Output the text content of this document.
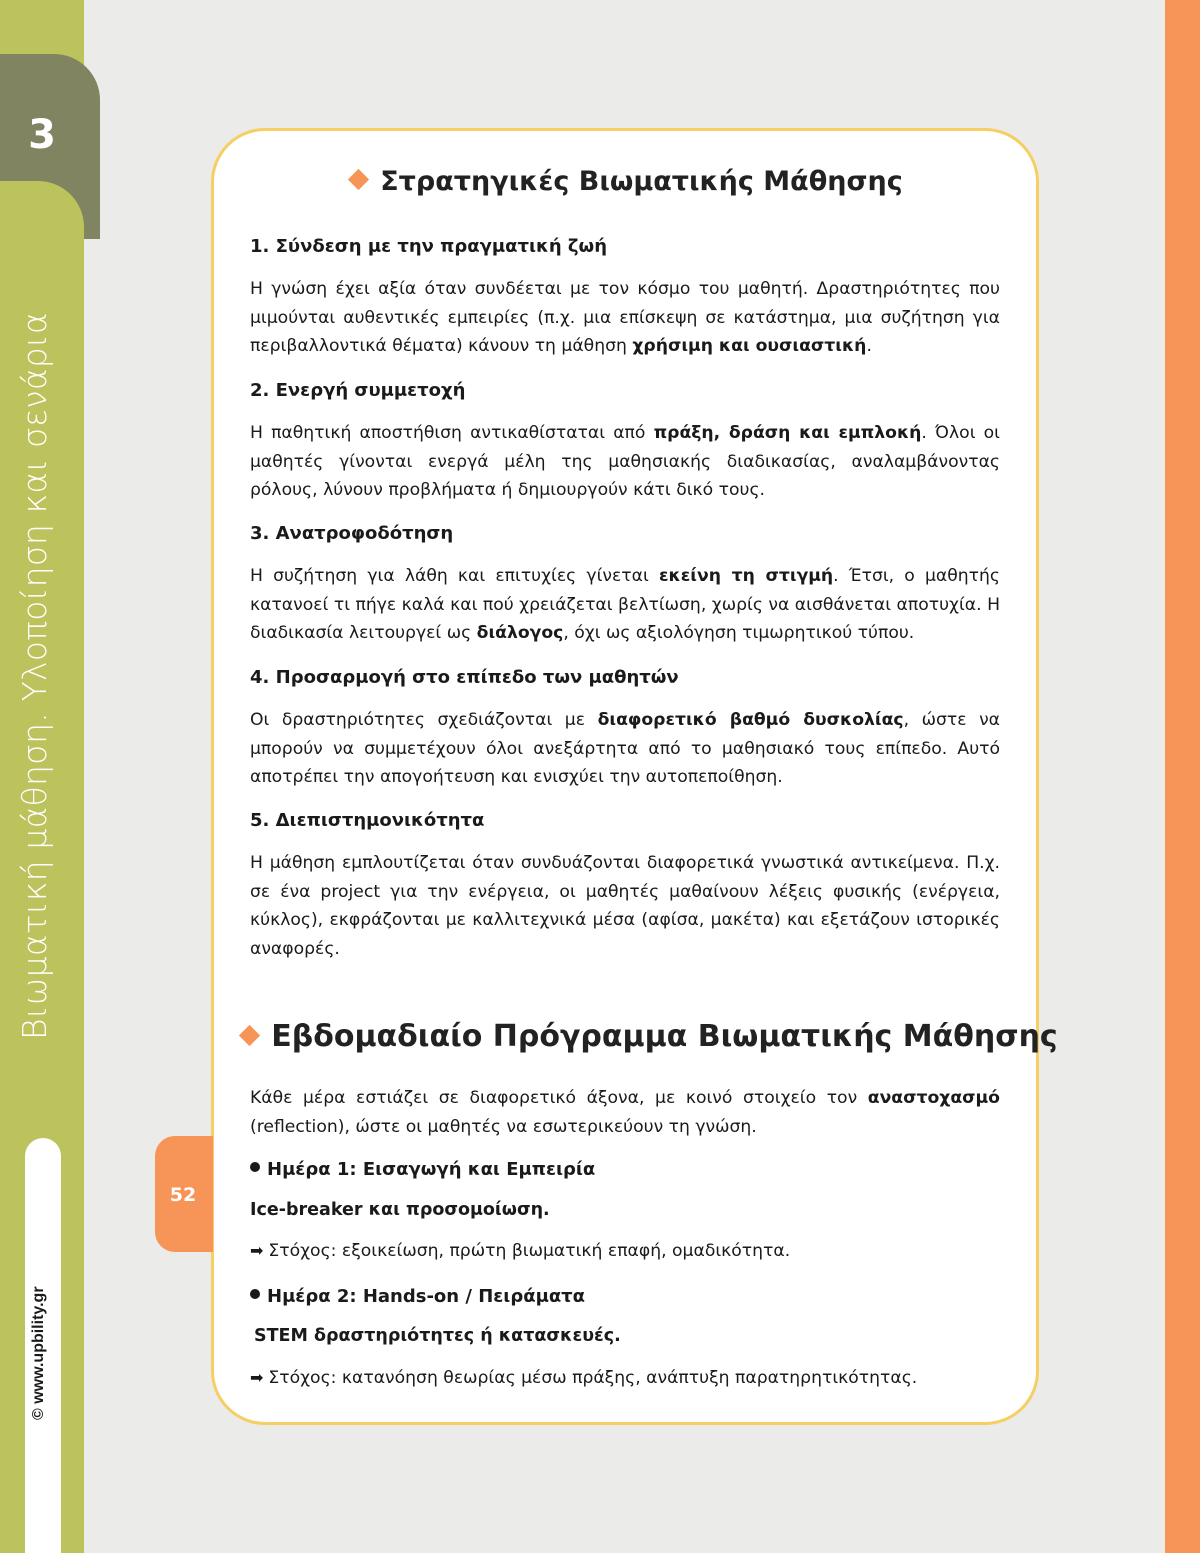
3
Βιωματική μάθηση. Υλοποίηση και σενάρια
© www.upbility.gr
52
Στρατηγικές Βιωματικής Μάθησης
1. Σύνδεση με την πραγματική ζωή
Η γνώση έχει αξία όταν συνδέεται με τον κόσμο του μαθητή. Δραστηριότητες που μιμούνται αυθεντικές εμπειρίες (π.χ. μια επίσκεψη σε κατάστημα, μια συζήτηση για περιβαλλοντικά θέματα) κάνουν τη μάθηση χρήσιμη και ουσιαστική.
2. Ενεργή συμμετοχή
Η παθητική αποστήθιση αντικαθίσταται από πράξη, δράση και εμπλοκή. Όλοι οι μαθητές γίνονται ενεργά μέλη της μαθησιακής διαδικασίας, αναλαμβάνοντας ρόλους, λύνουν προβλήματα ή δημιουργούν κάτι δικό τους.
3. Ανατροφοδότηση
Η συζήτηση για λάθη και επιτυχίες γίνεται εκείνη τη στιγμή. Έτσι, ο μαθητής κατανοεί τι πήγε καλά και πού χρειάζεται βελτίωση, χωρίς να αισθάνεται αποτυχία. Η διαδικασία λειτουργεί ως διάλογος, όχι ως αξιολόγηση τιμωρητικού τύπου.
4. Προσαρμογή στο επίπεδο των μαθητών
Οι δραστηριότητες σχεδιάζονται με διαφορετικό βαθμό δυσκολίας, ώστε να μπορούν να συμμετέχουν όλοι ανεξάρτητα από το μαθησιακό τους επίπεδο. Αυτό αποτρέπει την απογοήτευση και ενισχύει την αυτοπεποίθηση.
5. Διεπιστημονικότητα
Η μάθηση εμπλουτίζεται όταν συνδυάζονται διαφορετικά γνωστικά αντικείμενα. Π.χ. σε ένα project για την ενέργεια, οι μαθητές μαθαίνουν λέξεις φυσικής (ενέργεια, κύκλος), εκφράζονται με καλλιτεχνικά μέσα (αφίσα, μακέτα) και εξετάζουν ιστορικές αναφορές.
Εβδομαδιαίο Πρόγραμμα Βιωματικής Μάθησης
Κάθε μέρα εστιάζει σε διαφορετικό άξονα, με κοινό στοιχείο τον αναστοχασμό (reflection), ώστε οι μαθητές να εσωτερικεύουν τη γνώση.
Ημέρα 1: Εισαγωγή και Εμπειρία
Ice-breaker και προσομοίωση.
➡ Στόχος: εξοικείωση, πρώτη βιωματική επαφή, ομαδικότητα.
Ημέρα 2: Hands-on / Πειράματα
STEM δραστηριότητες ή κατασκευές.
➡ Στόχος: κατανόηση θεωρίας μέσω πράξης, ανάπτυξη παρατηρητικότητας.
